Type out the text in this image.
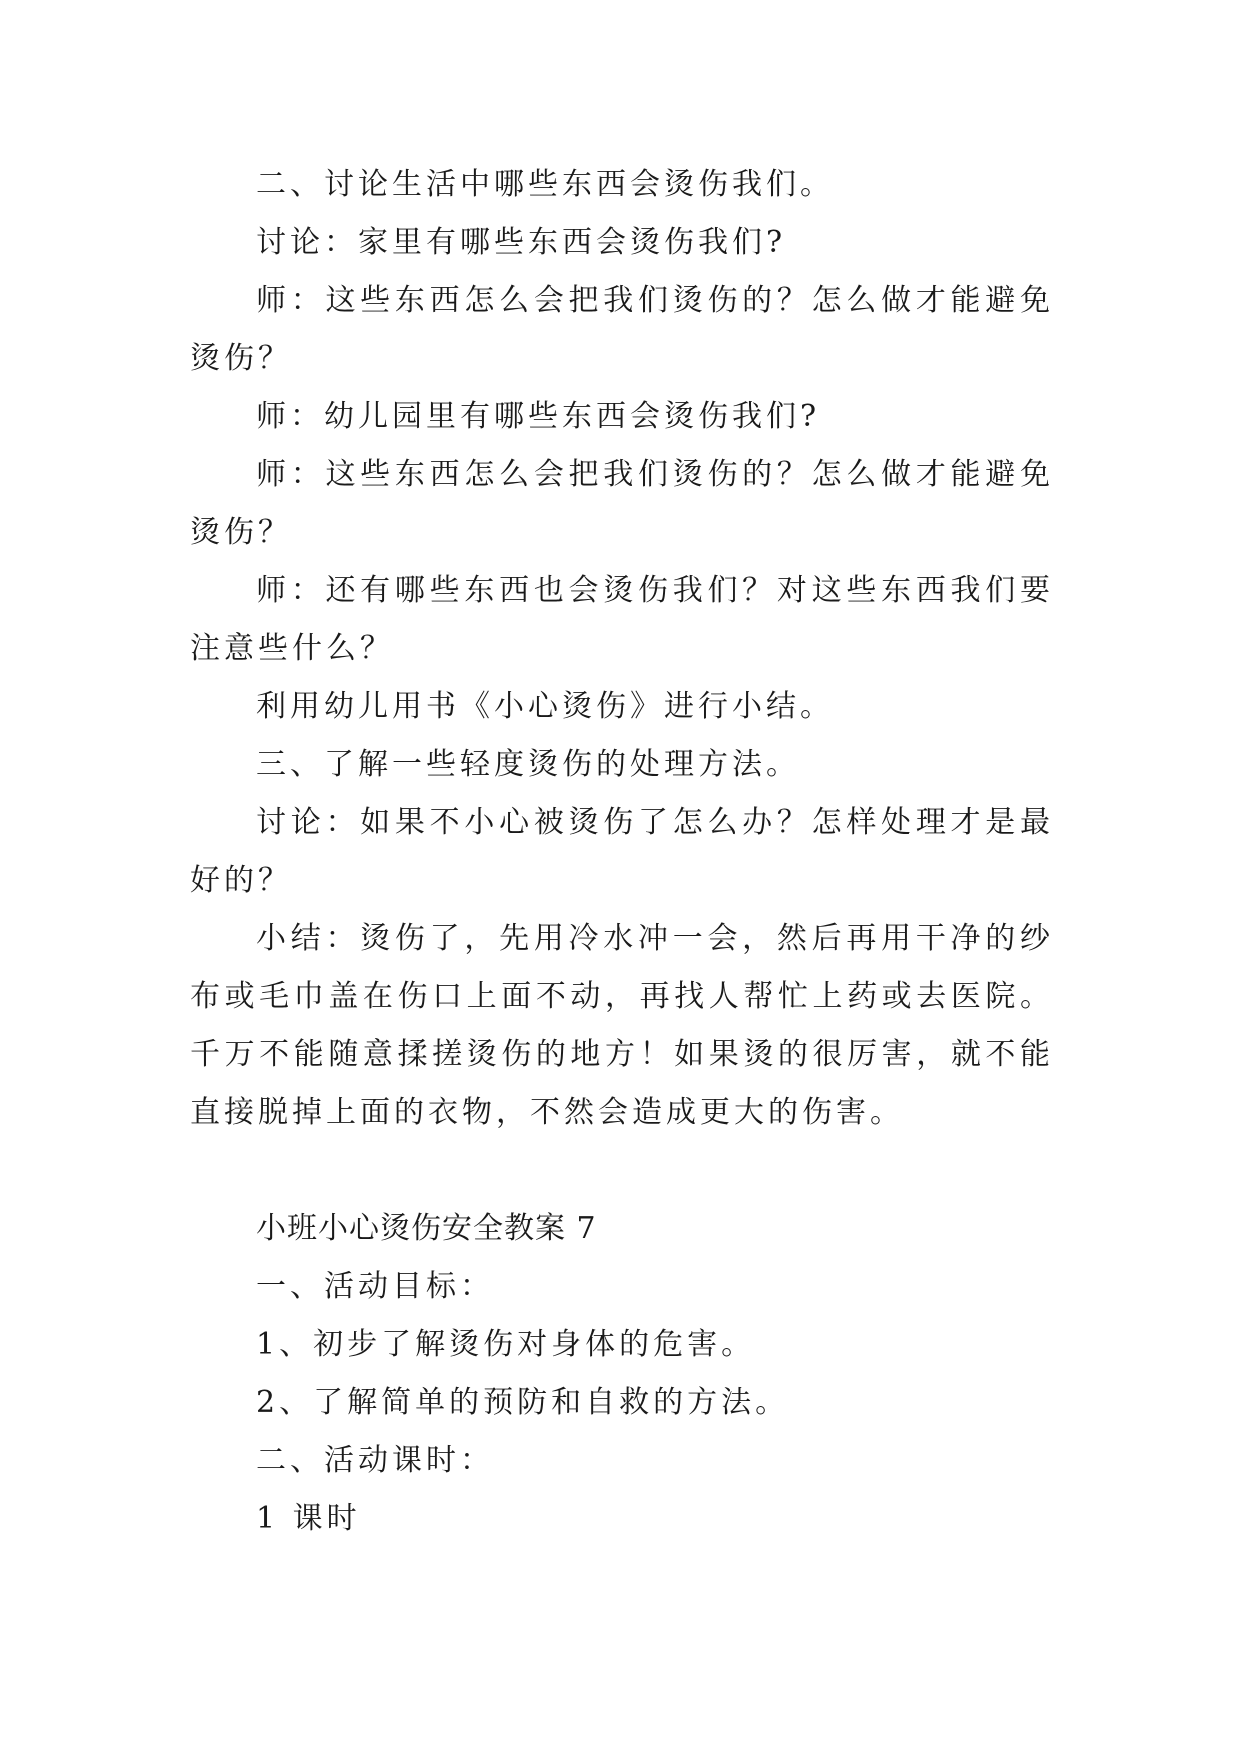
二、讨论生活中哪些东西会烫伤我们。

讨论：家里有哪些东西会烫伤我们?

师：这些东西怎么会把我们烫伤的？怎么做才能避免烫伤？

师：幼儿园里有哪些东西会烫伤我们?

师：这些东西怎么会把我们烫伤的？怎么做才能避免烫伤？

师：还有哪些东西也会烫伤我们？对这些东西我们要注意些什么？

利用幼儿用书《小心烫伤》进行小结。

三、了解一些轻度烫伤的处理方法。

讨论：如果不小心被烫伤了怎么办？怎样处理才是最好的？

小结：烫伤了，先用冷水冲一会，然后再用干净的纱布或毛巾盖在伤口上面不动，再找人帮忙上药或去医院。千万不能随意揉搓烫伤的地方！如果烫的很厉害，就不能直接脱掉上面的衣物，不然会造成更大的伤害。

小班小心烫伤安全教案 7

一、活动目标：

1、初步了解烫伤对身体的危害。

2、了解简单的预防和自救的方法。

二、活动课时：

1 课时
